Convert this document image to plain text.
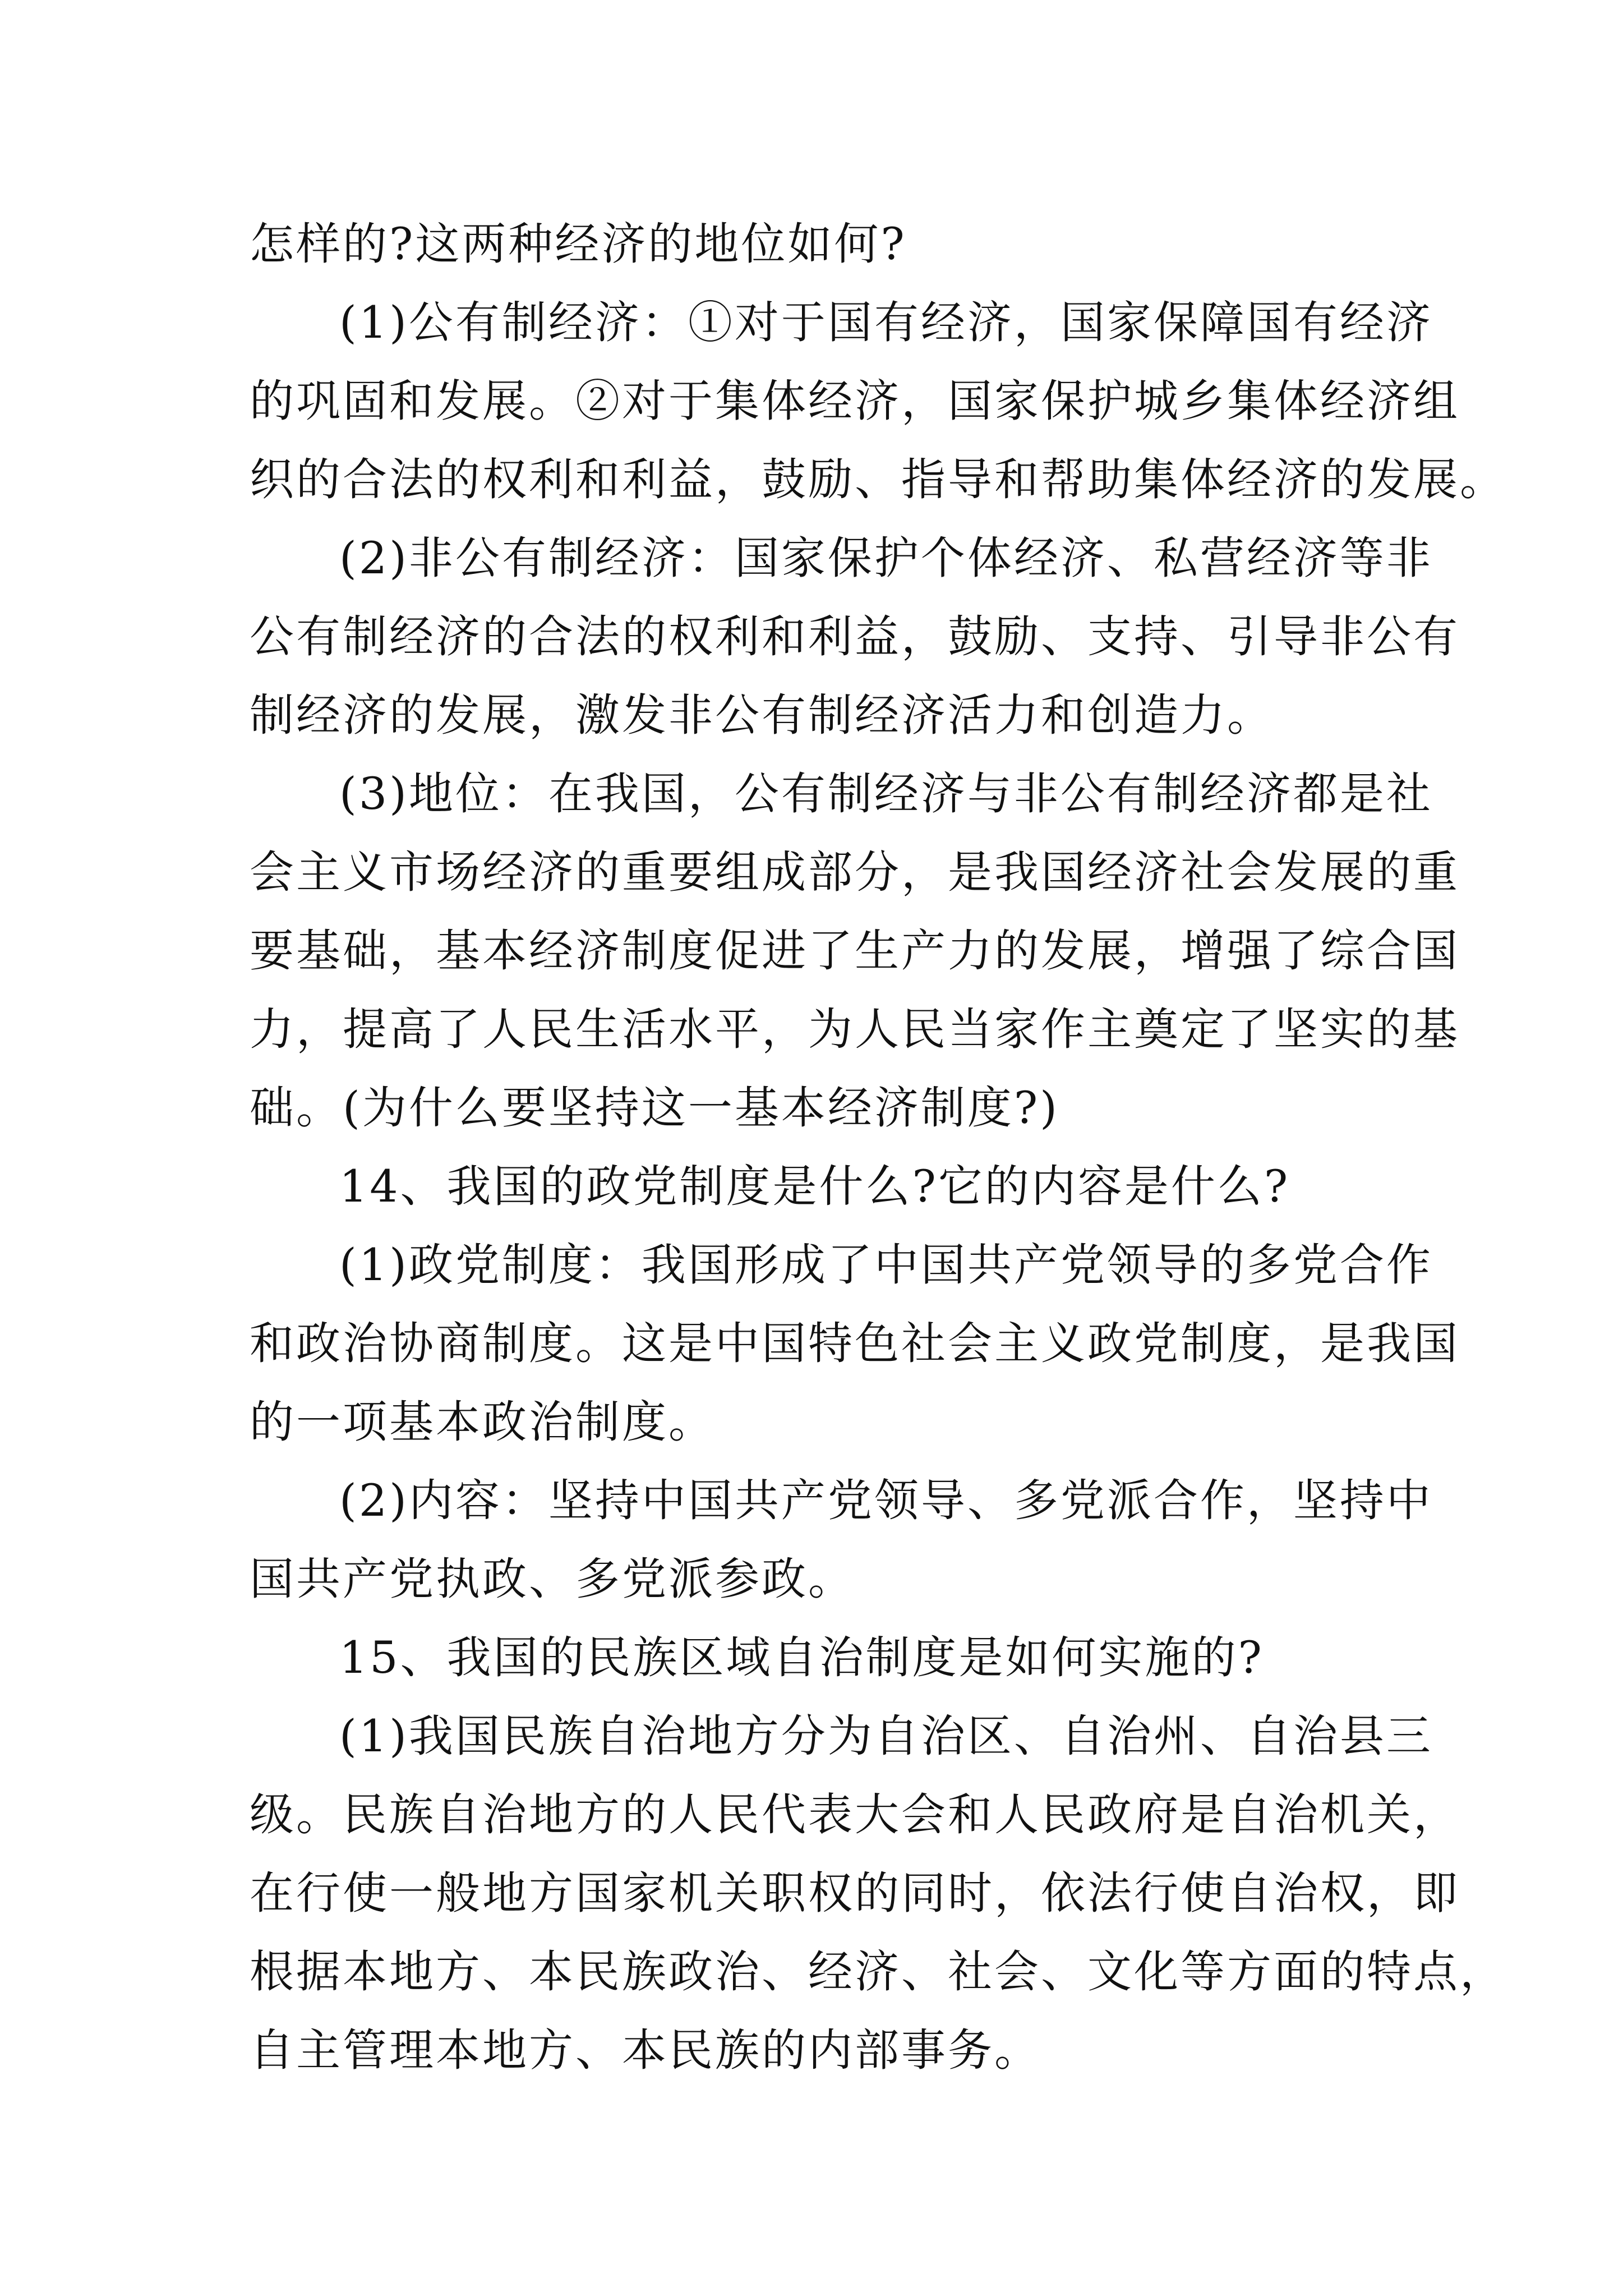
怎样的?这两种经济的地位如何?
(1)公有制经济：①对于国有经济，国家保障国有经济
的巩固和发展。②对于集体经济，国家保护城乡集体经济组
织的合法的权利和利益，鼓励、指导和帮助集体经济的发展。
(2)非公有制经济：国家保护个体经济、私营经济等非
公有制经济的合法的权利和利益，鼓励、支持、引导非公有
制经济的发展，激发非公有制经济活力和创造力。
(3)地位：在我国，公有制经济与非公有制经济都是社
会主义市场经济的重要组成部分，是我国经济社会发展的重
要基础，基本经济制度促进了生产力的发展，增强了综合国
力，提高了人民生活水平，为人民当家作主奠定了坚实的基
础。(为什么要坚持这一基本经济制度?)
14、我国的政党制度是什么?它的内容是什么?
(1)政党制度：我国形成了中国共产党领导的多党合作
和政治协商制度。这是中国特色社会主义政党制度，是我国
的一项基本政治制度。
(2)内容：坚持中国共产党领导、多党派合作，坚持中
国共产党执政、多党派参政。
15、我国的民族区域自治制度是如何实施的?
(1)我国民族自治地方分为自治区、自治州、自治县三
级。民族自治地方的人民代表大会和人民政府是自治机关，
在行使一般地方国家机关职权的同时，依法行使自治权，即
根据本地方、本民族政治、经济、社会、文化等方面的特点，
自主管理本地方、本民族的内部事务。
